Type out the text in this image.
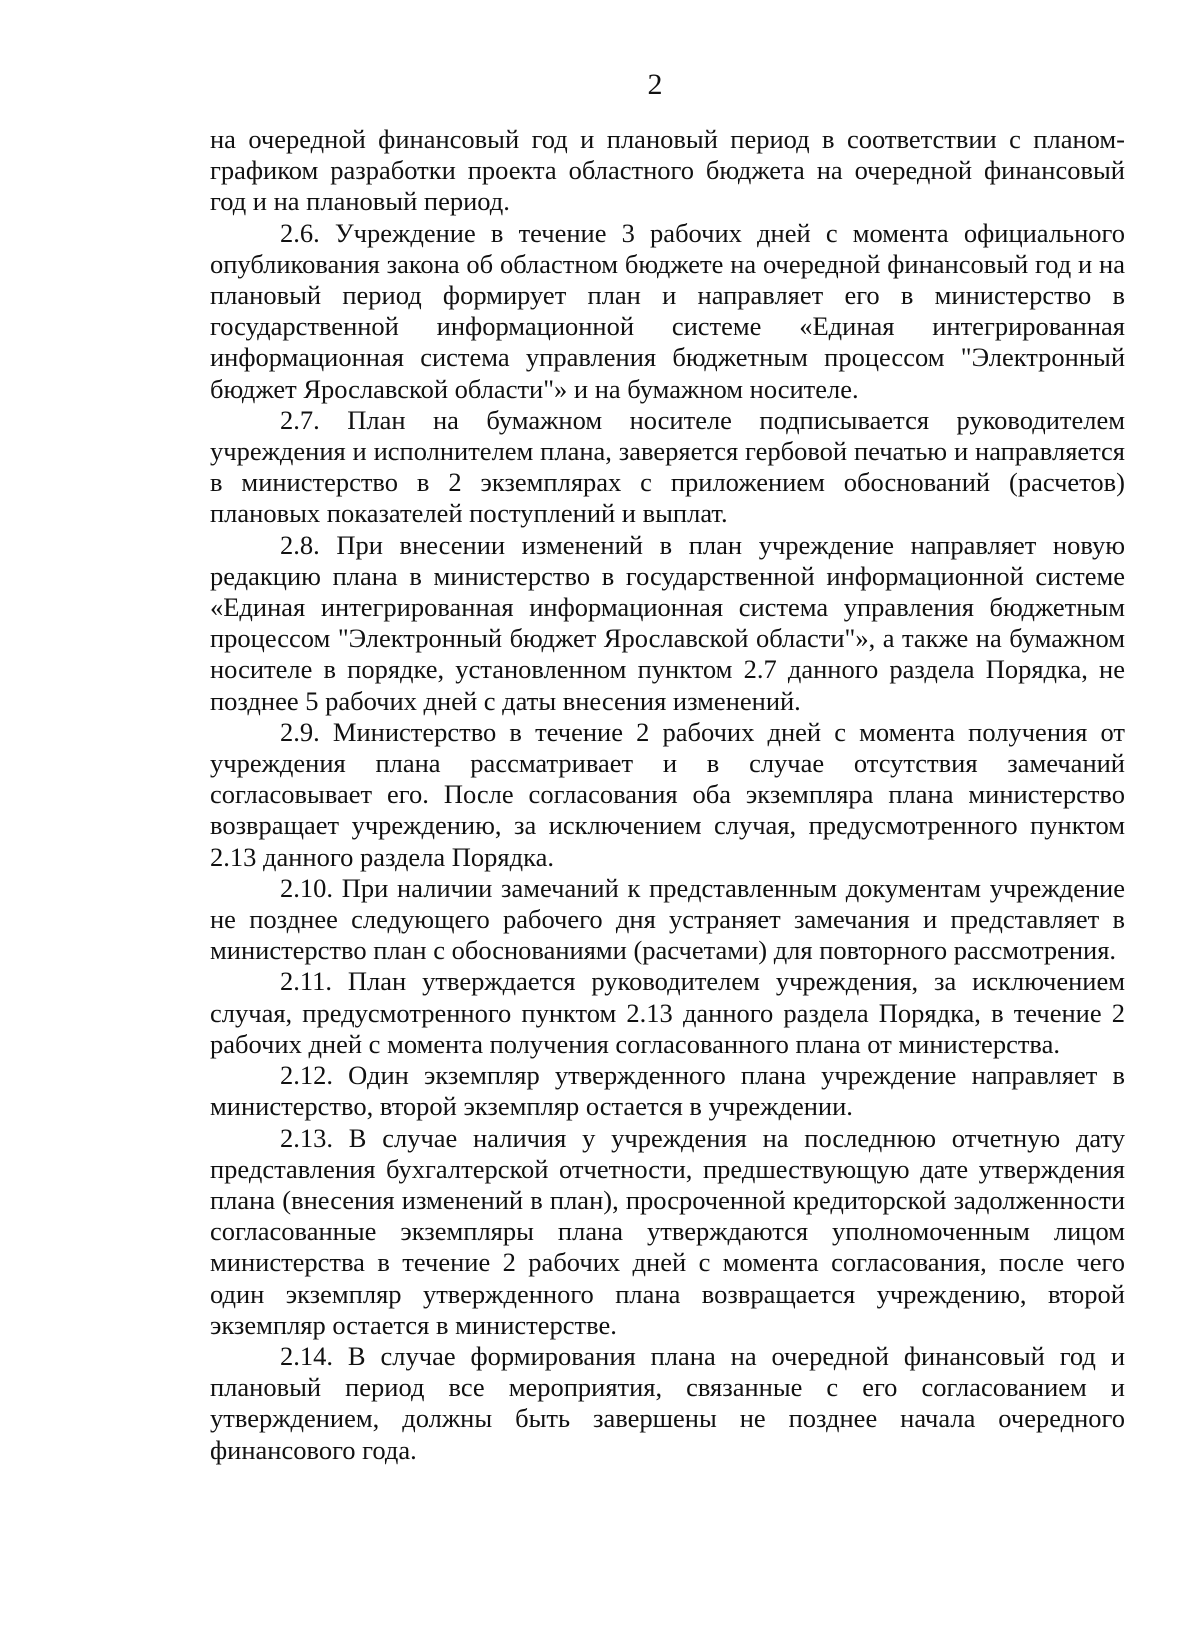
2

на очередной финансовый год и плановый период в соответствии с планом-графиком разработки проекта областного бюджета на очередной финансовый год и на плановый период.

2.6. Учреждение в течение 3 рабочих дней с момента официального опубликования закона об областном бюджете на очередной финансовый год и на плановый период формирует план и направляет его в министерство в государственной информационной системе «Единая интегрированная информационная система управления бюджетным процессом "Электронный бюджет Ярославской области"» и на бумажном носителе.

2.7. План на бумажном носителе подписывается руководителем учреждения и исполнителем плана, заверяется гербовой печатью и направляется в министерство в 2 экземплярах с приложением обоснований (расчетов) плановых показателей поступлений и выплат.

2.8. При внесении изменений в план учреждение направляет новую редакцию плана в министерство в государственной информационной системе «Единая интегрированная информационная система управления бюджетным процессом "Электронный бюджет Ярославской области"», а также на бумажном носителе в порядке, установленном пунктом 2.7 данного раздела Порядка, не позднее 5 рабочих дней с даты внесения изменений.

2.9. Министерство в течение 2 рабочих дней с момента получения от учреждения плана рассматривает и в случае отсутствия замечаний согласовывает его. После согласования оба экземпляра плана министерство возвращает учреждению, за исключением случая, предусмотренного пунктом 2.13 данного раздела Порядка.

2.10. При наличии замечаний к представленным документам учреждение не позднее следующего рабочего дня устраняет замечания и представляет в министерство план с обоснованиями (расчетами) для повторного рассмотрения.

2.11. План утверждается руководителем учреждения, за исключением случая, предусмотренного пунктом 2.13 данного раздела Порядка, в течение 2 рабочих дней с момента получения согласованного плана от министерства.

2.12. Один экземпляр утвержденного плана учреждение направляет в министерство, второй экземпляр остается в учреждении.

2.13. В случае наличия у учреждения на последнюю отчетную дату представления бухгалтерской отчетности, предшествующую дате утверждения плана (внесения изменений в план), просроченной кредиторской задолженности согласованные экземпляры плана утверждаются уполномоченным лицом министерства в течение 2 рабочих дней с момента согласования, после чего один экземпляр утвержденного плана возвращается учреждению, второй экземпляр остается в министерстве.

2.14. В случае формирования плана на очередной финансовый год и плановый период все мероприятия, связанные с его согласованием и утверждением, должны быть завершены не позднее начала очередного финансового года.
